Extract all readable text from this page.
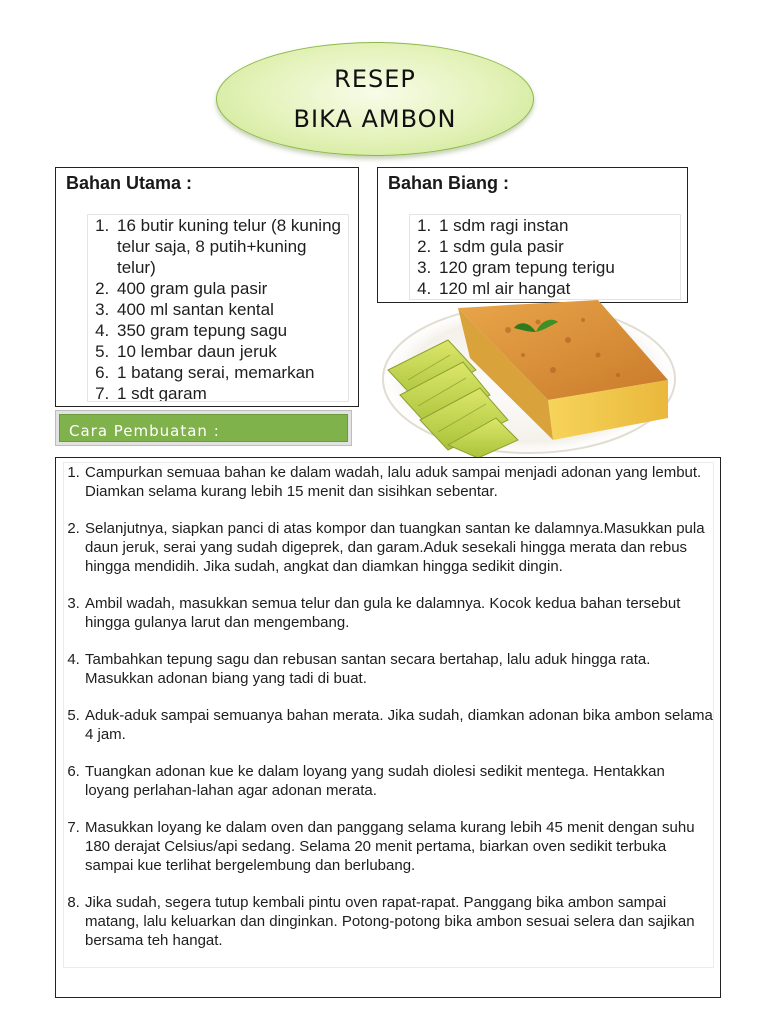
RESEP
BIKA AMBON
Bahan Utama :
1. 16 butir kuning telur (8 kuning telur saja, 8 putih+kuning telur)
2. 400 gram gula pasir
3. 400 ml santan kental
4. 350 gram tepung sagu
5. 10 lembar daun jeruk
6. 1 batang serai, memarkan
7. 1 sdt garam
Bahan Biang :
1. 1 sdm ragi instan
2. 1 sdm gula pasir
3. 120 gram tepung terigu
4. 120 ml air hangat
Cara Pembuatan :
1. Campurkan semuaa bahan ke dalam wadah, lalu aduk sampai menjadi adonan yang lembut. Diamkan selama kurang lebih 15 menit dan sisihkan sebentar.
2. Selanjutnya, siapkan panci di atas kompor dan tuangkan santan ke dalamnya.Masukkan pula daun jeruk, serai yang sudah digeprek, dan garam.Aduk sesekali hingga merata dan rebus hingga mendidih. Jika sudah, angkat dan diamkan hingga sedikit dingin.
3. Ambil wadah, masukkan semua telur dan gula ke dalamnya. Kocok kedua bahan tersebut hingga gulanya larut dan mengembang.
4. Tambahkan tepung sagu dan rebusan santan secara bertahap, lalu aduk hingga rata. Masukkan adonan biang yang tadi di buat.
5. Aduk-aduk sampai semuanya bahan merata. Jika sudah, diamkan adonan bika ambon selama 4 jam.
6. Tuangkan adonan kue ke dalam loyang yang sudah diolesi sedikit mentega. Hentakkan loyang perlahan-lahan agar adonan merata.
7. Masukkan loyang ke dalam oven dan panggang selama kurang lebih 45 menit dengan suhu 180 derajat Celsius/api sedang. Selama 20 menit pertama, biarkan oven sedikit terbuka sampai kue terlihat bergelembung dan berlubang.
8. Jika sudah, segera tutup kembali pintu oven rapat-rapat. Panggang bika ambon sampai matang, lalu keluarkan dan dinginkan. Potong-potong bika ambon sesuai selera dan sajikan bersama teh hangat.
